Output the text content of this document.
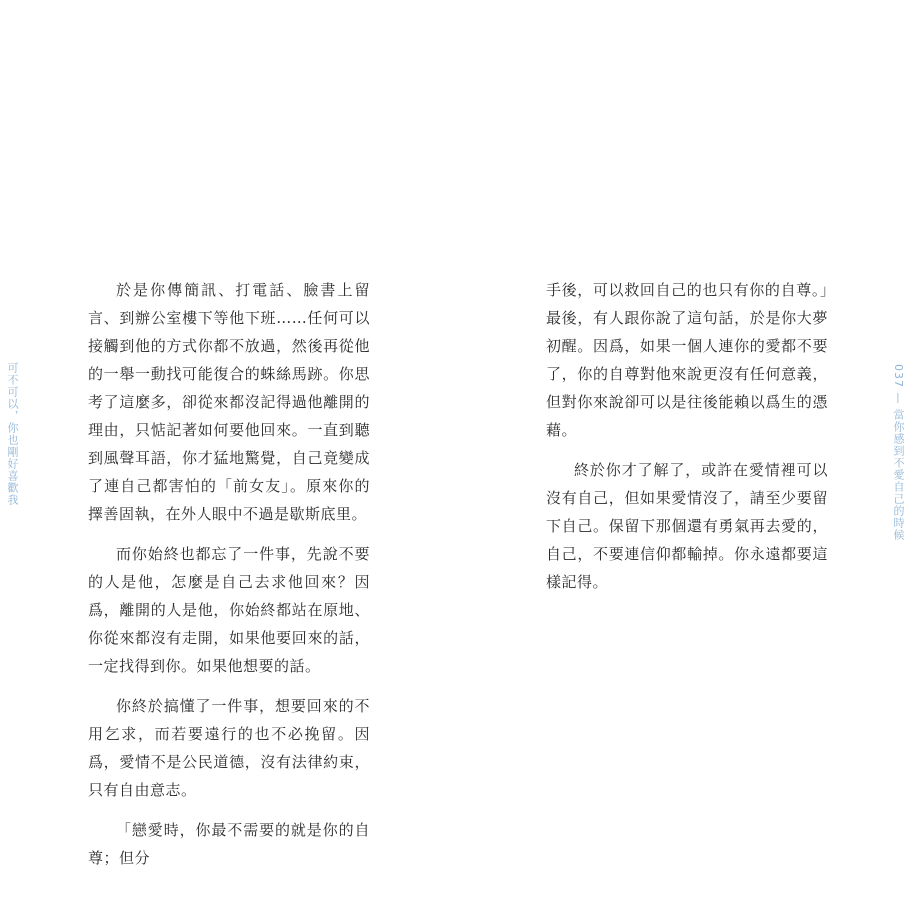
可不可以，你也剛好喜歡我

於是你傳簡訊、打電話、臉書上留言、到辦公室樓下等他下班……任何可以接觸到他的方式你都不放過，然後再從他的一舉一動找可能復合的蛛絲馬跡。你思考了這麼多，卻從來都沒記得過他離開的理由，只惦記著如何要他回來。一直到聽到風聲耳語，你才猛地驚覺，自己竟變成了連自己都害怕的「前女友」。原來你的擇善固執，在外人眼中不過是歇斯底里。

而你始終也都忘了一件事，先說不要的人是他，怎麼是自己去求他回來？因爲，離開的人是他，你始終都站在原地、你從來都沒有走開，如果他要回來的話，一定找得到你。如果他想要的話。

你終於搞懂了一件事，想要回來的不用乞求，而若要遠行的也不必挽留。因爲，愛情不是公民道德，沒有法律約束，只有自由意志。

「戀愛時，你最不需要的就是你的自尊；但分

手後，可以救回自己的也只有你的自尊。」最後，有人跟你說了這句話，於是你大夢初醒。因爲，如果一個人連你的愛都不要了，你的自尊對他來說更沒有任何意義，但對你來說卻可以是往後能賴以爲生的憑藉。

終於你才了解了，或許在愛情裡可以沒有自己，但如果愛情沒了，請至少要留下自己。保留下那個還有勇氣再去愛的，自己，不要連信仰都輸掉。你永遠都要這樣記得。

037 — 當你感到不愛自己的時候
